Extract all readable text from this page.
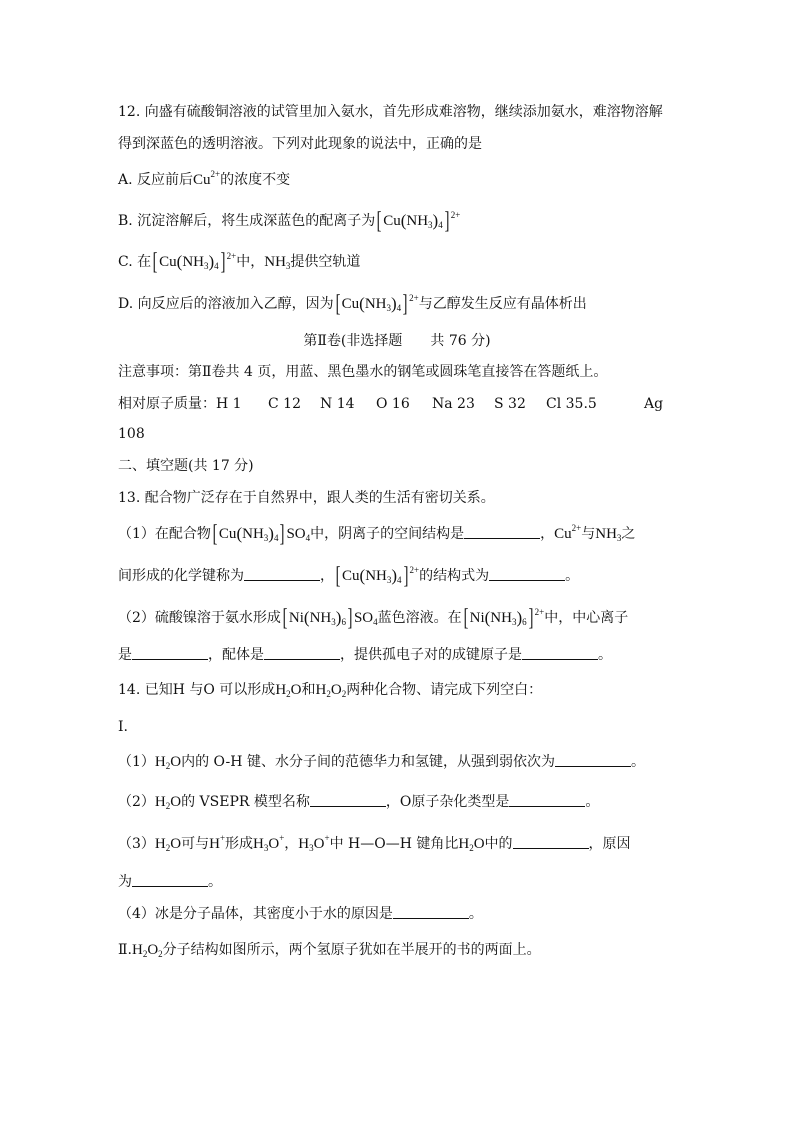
12. 向盛有硫酸铜溶液的试管里加入氨水，首先形成难溶物，继续添加氨水，难溶物溶解
得到深蓝色的透明溶液。下列对此现象的说法中，正确的是
A. 反应前后$Cu^{2+}$的浓度不变
B. 沉淀溶解后，将生成深蓝色的配离子为[ $Cu(NH_3)_4$] $^{2+}$
C. 在[ $Cu(NH_3)_4$] $^{2+}$中，$NH_3$提供空轨道
D. 向反应后的溶液加入乙醇，因为[ $Cu(NH_3)_4$] $^{2+}$与乙醇发生反应有晶体析出
第Ⅱ卷(非选择题　　共 76 分)
注意事项：第Ⅱ卷共 4 页，用蓝、黑色墨水的钢笔或圆珠笔直接答在答题纸上。
相对原子质量：H 1 C 12 N 14 O 16 Na 23 S 32 Cl 35.5	Ag
108
二、填空题(共 17 分)
13. 配合物广泛存在于自然界中，跟人类的生活有密切关系。
（1）在配合物[ $Cu(NH_3)_4$] $SO_4$中，阴离子的空间结构是	，$Cu^{2+}$与$NH_3$之
间形成的化学键称为	，[ $Cu(NH_3)_4$] $^{2+}$的结构式为	。
（2）硫酸镍溶于氨水形成[ $Ni(NH_3)_6$] $SO_4$蓝色溶液。在[ $Ni(NH_3)_6$] $^{2+}$中，中心离子
是	，配体是	，提供孤电子对的成键原子是	。
14. 已知H 与O 可以形成$H_2O$和$H_2O_2$两种化合物、请完成下列空白：
Ⅰ.
$(1)H_2O$内的 O-H 键、水分子间的范德华力和氢键，从强到弱依次为	。
$(2)H_2O$的 VSEPR 模型名称	，O原子杂化类型是	。
$(3)H_2O$可与H+形成$H_3O^+$，$H_3O^+$中 H—O—H 键角比$H_2O$中的	，原因
为	。
（4）冰是分子晶体，其密度小于水的原因是	。
$Ⅱ.H_2O_2$分子结构如图所示，两个氢原子犹如在半展开的书的两面上。
